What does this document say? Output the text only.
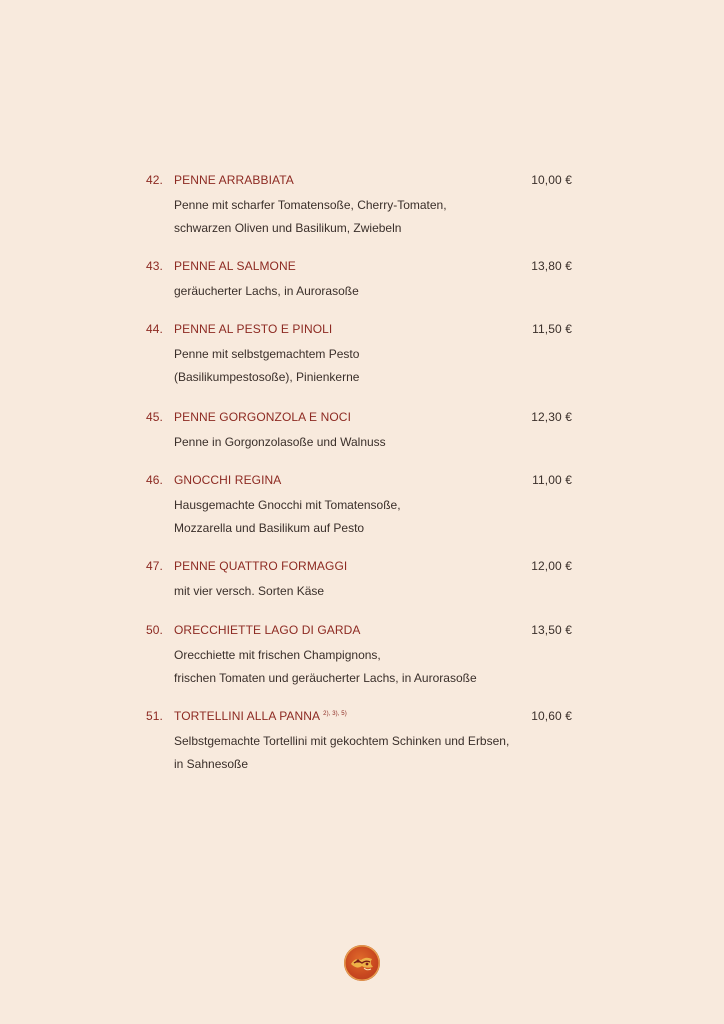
42. PENNE ARRABBIATA	10,00 €
Penne mit scharfer Tomatensoße, Cherry-Tomaten,
schwarzen Oliven und Basilikum, Zwiebeln
43. PENNE AL SALMONE	13,80 €
geräucherter Lachs, in Aurorasoße
44. PENNE AL PESTO E PINOLI	11,50 €
Penne mit selbstgemachtem Pesto
(Basilikumpestosoße), Pinienkerne
45. PENNE GORGONZOLA E NOCI	12,30 €
Penne in Gorgonzolasoße und Walnuss
46. GNOCCHI REGINA	11,00 €
Hausgemachte Gnocchi mit Tomatensoße,
Mozzarella und Basilikum auf Pesto
47. PENNE QUATTRO FORMAGGI	12,00 €
mit vier versch. Sorten Käse
50. ORECCHIETTE LAGO DI GARDA	13,50 €
Orecchiette mit frischen Champignons,
frischen Tomaten und geräucherter Lachs, in Aurorasoße
51. TORTELLINI ALLA PANNA $^{2), 3), 5)}$	10,60 €
Selbstgemachte Tortellini mit gekochtem Schinken und Erbsen,
in Sahnesoße
